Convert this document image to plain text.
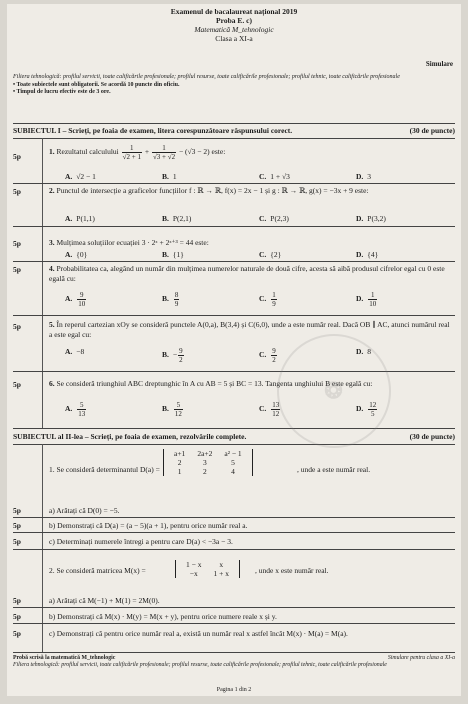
Examenul de bacalaureat național 2019
Proba E. c)
Matematică M_tehnologic
Clasa a XI-a
Simulare
Filiera tehnologică: profilul servicii, toate calificările profesionale; profilul resurse, toate calificările profesionale; profilul tehnic, toate calificările profesionale
• Toate subiectele sunt obligatorii. Se acordă 10 puncte din oficiu.
• Timpul de lucru efectiv este de 3 ore.
SUBIECTUL I – Scrieți, pe foaia de examen, litera corespunzătoare răspunsului corect.	(30 de puncte)
5p
1. Rezultatul calculului $\frac{1}{√2 + 1} + \frac{1}{√3 + √2} - (√3 - 2)$ este:
A. √2 − 1	B. 1	C. 1 + √3	D. 3
5p	2. Punctul de intersecție a graficelor funcțiilor f : ℝ → ℝ, f(x) = 2x − 1 și g : ℝ → ℝ, g(x) = −3x + 9 este:
A. P(1,1)	B. P(2,1)	C. P(2,3)	D. P(3,2)
5p	3. Mulțimea soluțiilor ecuației 3 · 2ˣ + 2ˣ⁺³ = 44 este:
A. {0}	B. {1}	C. {2}	D. {4}
5p	4. Probabilitatea ca, alegând un număr din mulțimea numerelor naturale de două cifre, acesta să aibă produsul cifrelor egal cu 0 este egală cu:
A. $\frac{9}{10}$	B. $\frac{8}{9}$	C. $\frac{1}{9}$	D. $\frac{1}{10}$
5p	5. În reperul cartezian xOy se consideră punctele A(0,a), B(3,4) și C(6,0), unde a este număr real. Dacă OB ∥ AC, atunci numărul real a este egal cu:
A. −8	B. − $\frac{9}{2}$	C. $\frac{9}{2}$	D. 8
5p	6. Se consideră triunghiul ABC dreptunghic în A cu AB = 5 și BC = 13. Tangenta unghiului B este egală cu:
A. $\frac{5}{13}$	B. $\frac{5}{12}$	C. $\frac{13}{12}$	D. $\frac{12}{5}$
SUBIECTUL al II-lea – Scrieți, pe foaia de examen, rezolvările complete.	(30 de puncte)
1. Se consideră determinantul D(a) =
a+1	2a+2	a² − 1
2	3	5
1	2	4	, unde a este număr real.
5p	a) Arătați că D(0) = −5.
5p	b) Demonstrați că D(a) = (a − 5)(a + 1), pentru orice număr real a.
5p	c) Determinați numerele întregi a pentru care D(a) < −3a − 3.
2. Se consideră matricea M(x) =
1 − x	x
−x	1 + x	, unde x este număr real.
5p	a) Arătați că M(−1) + M(1) = 2M(0).
5p	b) Demonstrați că M(x) · M(y) = M(x + y), pentru orice numere reale x și y.
5p	c) Demonstrați că pentru orice număr real a, există un număr real x astfel încât M(x) · M(a) = M(a).
❂
Probă scrisă la matematică M_tehnologic	Simulare pentru clasa a XI-a
Filiera tehnologică: profilul servicii, toate calificările profesionale; profilul resurse, toate calificările profesionale; profilul tehnic, toate calificările profesionale
Pagina 1 din 2
